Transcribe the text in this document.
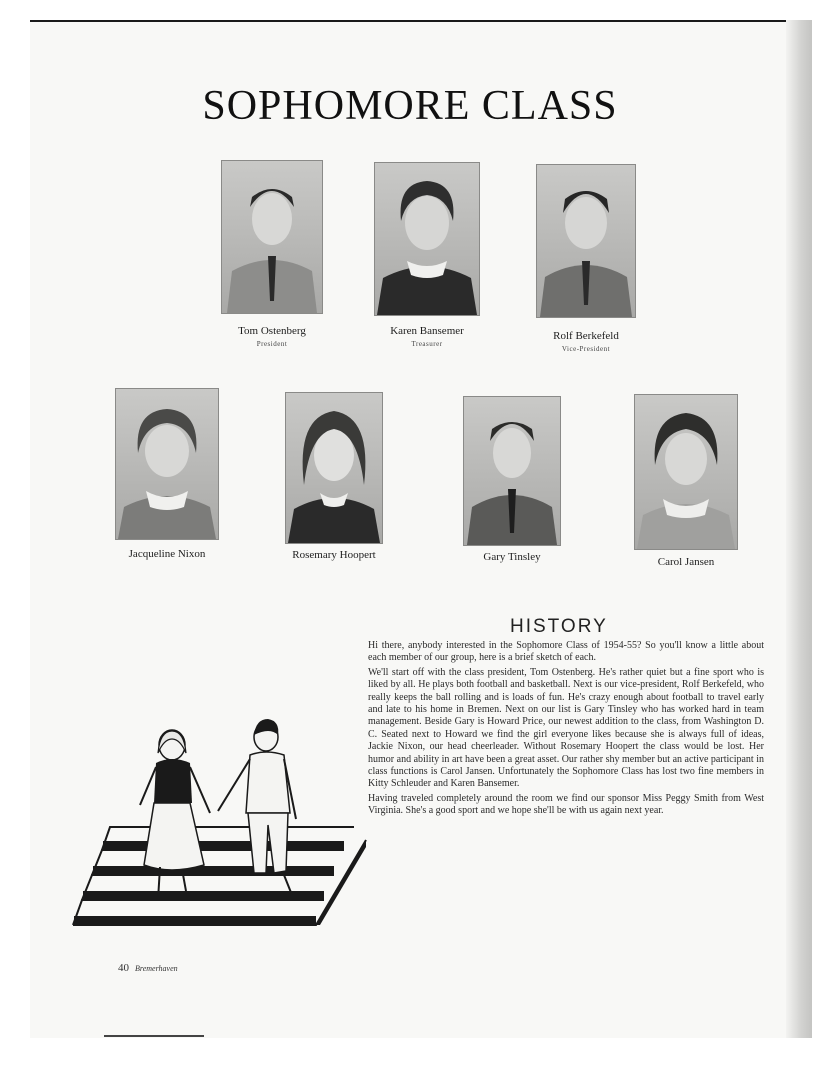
SOPHOMORE CLASS
Tom Ostenberg
President
Karen Bansemer
Treasurer
Rolf Berkefeld
Vice-President
Jacqueline Nixon	Rosemary Hoopert	Gary Tinsley	Carol Jansen
HISTORY

Hi there, anybody interested in the Sophomore Class of 1954-55? So you'll know a little about each member of our group, here is a brief sketch of each.

We'll start off with the class president, Tom Ostenberg. He's rather quiet but a fine sport who is liked by all. He plays both football and basketball. Next is our vice-president, Rolf Berkefeld, who really keeps the ball rolling and is loads of fun. He's crazy enough about football to travel early and late to his home in Bremen. Next on our list is Gary Tinsley who has worked hard in team management. Beside Gary is Howard Price, our newest addition to the class, from Washington D. C. Seated next to Howard we find the girl everyone likes because she is always full of ideas, Jackie Nixon, our head cheerleader. Without Rosemary Hoopert the class would be lost. Her humor and ability in art have been a great asset. Our rather shy member but an active participant in class functions is Carol Jansen. Unfortunately the Sophomore Class has lost two fine members in Kitty Schleuder and Karen Bansemer.

Having traveled completely around the room we find our sponsor Miss Peggy Smith from West Virginia. She's a good sport and we hope she'll be with us again next year.

40 Bremerhaven
